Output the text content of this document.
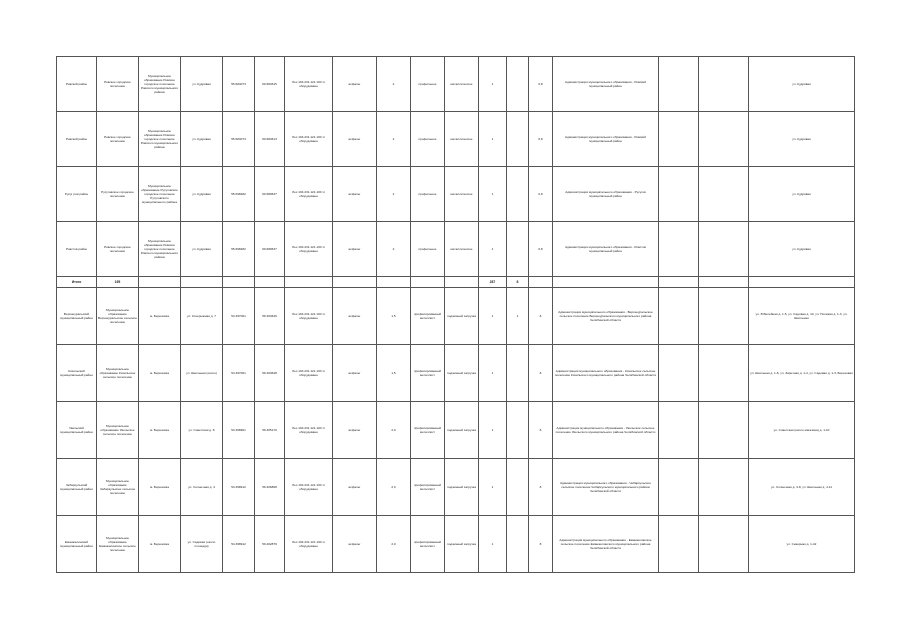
Ровский район	Ровское городское поселение	Муниципальное образование Ровское городское поселение Ровского муниципального района	ул. Кудрявая	55.684073	60.684615	Лес.194.231.121.100 ч/оборудованн	асфальт	2	профильное	металлическое	1		0,8	Администрация муниципального образования - Ровский муниципальный район			ул. Кудрявая
Ровский район	Ровское городское поселение	Муниципальное образование Ровское городское поселение Ровского муниципального района	ул. Кудрявая	55.684073	60.684613	Лес.194.231.121.100 ч/оборудованн	асфальт	2	профильное	металлическое	1		0,8	Администрация муниципального образования - Ровский муниципальный район			ул. Кудрявая
Русуг ров район	Русуговское городское поселение	Муниципальное образование Русуговское городское поселение Русуговского муниципального района	ул. Кудрявая	55.698282	60.689637	Лес.194.231.121.100 ч/оборудованн	асфальт	2	профильное	металлическое	1		0,8	Администрация муниципального образования - Русугов муниципальный район			ул. Кудрявая
Ровстов район	Ровское городское поселение	Муниципальное образование Ровское городское поселение Ровского муниципального района	ул. Кудрявая	55.698282	60.689637	Лес.194.231.121.100 ч/оборудованн	асфальт	2	профильное	металлическое	1		0,8	Администрация муниципального образования - Ровстов муниципальный район			ул. Кудрявая
Итого	195										287	8					
Верхнеуральский муниципальный район	Муниципальное образование Верхнеуральское сельское поселение	м. Березовка	ул. Кочерыжная д. 7	54.397001	59.403649	Лес.194.231.121.100 ч/оборудованн	асфальт	1,5	профилированный металлист	подземный загрузка	1	1	8	Администрация муниципального образования - Верхнеуральское сельское поселение Верхнеуральского муниципального района Челябинской области			ул. Юбилейная д. 1-5, ул. Садовая д. 10, ул. Полевая д. 1-3, ул. Школьная
Кизильский муниципальный район	Муниципальное образование Кизильское сельское поселение	м. Березовка	ул. Школьная (около)	54.397001	59.403648	Лес.194.231.121.100 ч/оборудованн	асфальт	1,5	профилированный металлист	подземный загрузка	1		8	Администрация муниципального образования - Кизильское сельское поселение Кизильского муниципального района Челябинской области			ул. Школьная д. 1-8, ул. Заречная д. 1-4, ул. Садовая д. 1-3, Березовая
Увельский муниципальный район	Муниципальное образование Увельское сельское поселение	м. Березовка	ул. Советская д. 8	54.398901	59.405170	Лес.194.231.121.100 ч/оборудованн	асфальт	2,0	профилированный металлист	подземный загрузка	1		8	Администрация муниципального образования - Увельское сельское поселение Увельского муниципального района Челябинской области			ул. Советская (около магазина) д. 1-10
Чебаркульский муниципальный район	Муниципальное образование Чебаркульское сельское поселение	м. Березовка	ул. Солнечная д. 4	54.398912	59.406868	Лес.194.231.121.100 ч/оборудованн	асфальт	2,0	профилированный металлист	подземный загрузка	1		8	Администрация муниципального образования - Чебаркульское сельское поселение Чебаркульского муниципального района Челябинской области			ул. Солнечная д. 4-8, ул. Школьная д. 4-11
Еманжелинский муниципальный район	Муниципальное образование Еманжелинское сельское поселение	м. Березовка	ул. Садовая (около площади)	54.398912	59.402879	Лес.194.231.121.100 ч/оборудованн	асфальт	2,0	профилированный металлист	подземный загрузка	1		8	Администрация муниципального образования - Еманжелинское сельское поселение Еманжелинского муниципального района Челябинской области			ул. Северная д. 1-42
